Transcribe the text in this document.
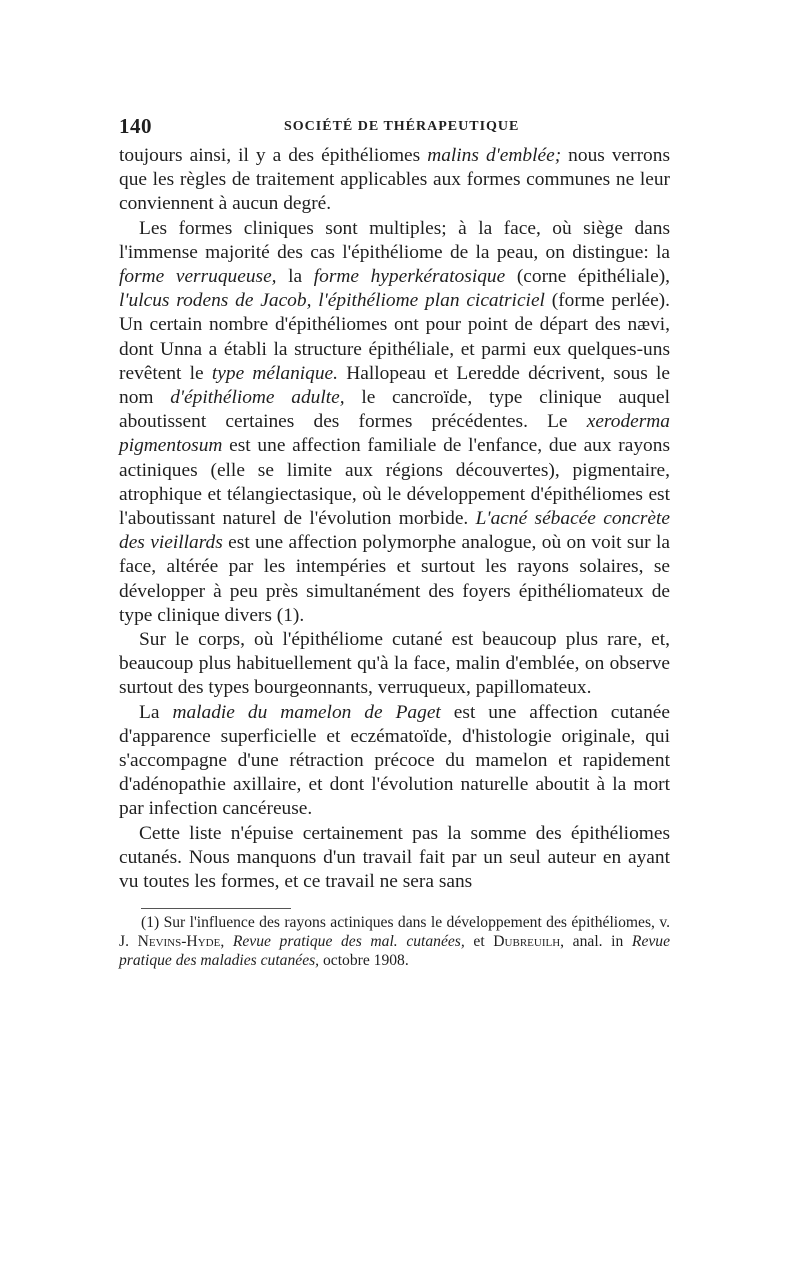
140	SOCIÉTÉ DE THÉRAPEUTIQUE

toujours ainsi, il y a des épithéliomes malins d'emblée; nous verrons que les règles de traitement applicables aux formes communes ne leur conviennent à aucun degré.

Les formes cliniques sont multiples; à la face, où siège dans l'immense majorité des cas l'épithéliome de la peau, on distingue: la forme verruqueuse, la forme hyperkératosique (corne épithéliale), l'ulcus rodens de Jacob, l'épithéliome plan cicatriciel (forme perlée). Un certain nombre d'épithéliomes ont pour point de départ des nævi, dont Unna a établi la structure épithéliale, et parmi eux quelques-uns revêtent le type mélanique. Hallopeau et Leredde décrivent, sous le nom d'épithéliome adulte, le cancroïde, type clinique auquel aboutissent certaines des formes précédentes. Le xeroderma pigmentosum est une affection familiale de l'enfance, due aux rayons actiniques (elle se limite aux régions découvertes), pigmentaire, atrophique et télangiectasique, où le développement d'épithéliomes est l'aboutissant naturel de l'évolution morbide. L'acné sébacée concrète des vieillards est une affection polymorphe analogue, où on voit sur la face, altérée par les intempéries et surtout les rayons solaires, se développer à peu près simultanément des foyers épithéliomateux de type clinique divers (1).

Sur le corps, où l'épithéliome cutané est beaucoup plus rare, et, beaucoup plus habituellement qu'à la face, malin d'emblée, on observe surtout des types bourgeonnants, verruqueux, papillomateux.

La maladie du mamelon de Paget est une affection cutanée d'apparence superficielle et eczématoïde, d'histologie originale, qui s'accompagne d'une rétraction précoce du mamelon et rapidement d'adénopathie axillaire, et dont l'évolution naturelle aboutit à la mort par infection cancéreuse.

Cette liste n'épuise certainement pas la somme des épithéliomes cutanés. Nous manquons d'un travail fait par un seul auteur en ayant vu toutes les formes, et ce travail ne sera sans

(1) Sur l'influence des rayons actiniques dans le développement des épithéliomes, v. J. Nevins-Hyde, Revue pratique des mal. cutanées, et Dubreuilh, anal. in Revue pratique des maladies cutanées, octobre 1908.
